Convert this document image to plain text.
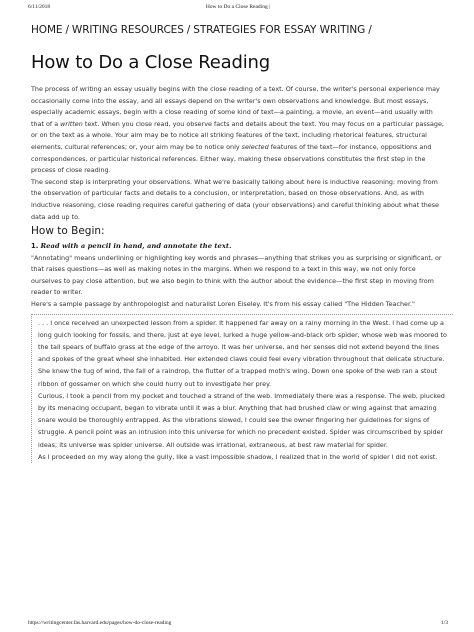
6/11/2018	How to Do a Close Reading |
HOME / WRITING RESOURCES / STRATEGIES FOR ESSAY WRITING /
How to Do a Close Reading

The process of writing an essay usually begins with the close reading of a text. Of course, the writer's personal experience may occasionally come into the essay, and all essays depend on the writer's own observations and knowledge. But most essays, especially academic essays, begin with a close reading of some kind of text—a painting, a movie, an event—and usually with that of a written text. When you close read, you observe facts and details about the text. You may focus on a particular passage, or on the text as a whole. Your aim may be to notice all striking features of the text, including rhetorical features, structural elements, cultural references; or, your aim may be to notice only selected features of the text—for instance, oppositions and correspondences, or particular historical references. Either way, making these observations constitutes the first step in the process of close reading.

The second step is interpreting your observations. What we're basically talking about here is inductive reasoning: moving from the observation of particular facts and details to a conclusion, or interpretation, based on those observations. And, as with inductive reasoning, close reading requires careful gathering of data (your observations) and careful thinking about what these data add up to.

How to Begin:
1. Read with a pencil in hand, and annotate the text.

"Annotating" means underlining or highlighting key words and phrases—anything that strikes you as surprising or significant, or that raises questions—as well as making notes in the margins. When we respond to a text in this way, we not only force ourselves to pay close attention, but we also begin to think with the author about the evidence—the first step in moving from reader to writer.

Here's a sample passage by anthropologist and naturalist Loren Eiseley. It's from his essay called "The Hidden Teacher."

. . . I once received an unexpected lesson from a spider. It happened far away on a rainy morning in the West. I had come up a long gulch looking for fossils, and there, just at eye level, lurked a huge yellow-and-black orb spider, whose web was moored to the tall spears of buffalo grass at the edge of the arroyo. It was her universe, and her senses did not extend beyond the lines and spokes of the great wheel she inhabited. Her extended claws could feel every vibration throughout that delicate structure. She knew the tug of wind, the fall of a raindrop, the flutter of a trapped moth's wing. Down one spoke of the web ran a stout ribbon of gossamer on which she could hurry out to investigate her prey.

Curious, I took a pencil from my pocket and touched a strand of the web. Immediately there was a response. The web, plucked by its menacing occupant, began to vibrate until it was a blur. Anything that had brushed claw or wing against that amazing snare would be thoroughly entrapped. As the vibrations slowed, I could see the owner fingering her guidelines for signs of struggle. A pencil point was an intrusion into this universe for which no precedent existed. Spider was circumscribed by spider ideas; its universe was spider universe. All outside was irrational, extraneous, at best raw material for spider.

As I proceeded on my way along the gully, like a vast impossible shadow, I realized that in the world of spider I did not exist.

https://writingcenter.fas.harvard.edu/pages/how-do-close-reading	1/3
